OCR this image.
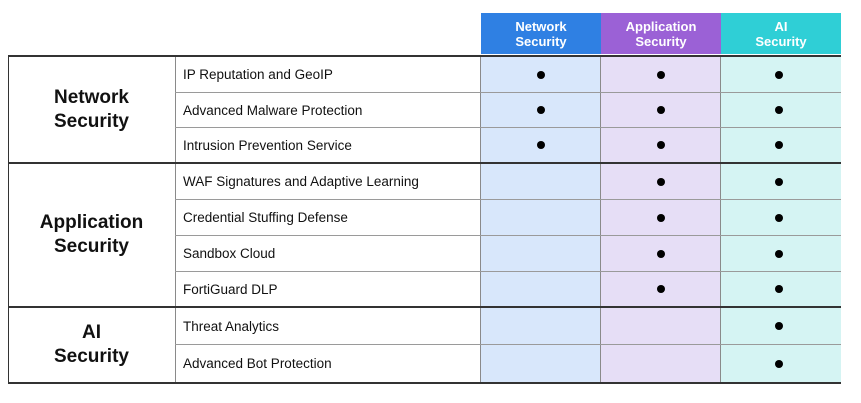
Network
Security
Application
Security
AI
Security
Network Security
Application Security
AI Security
IP Reputation and GeoIP
Advanced Malware Protection
Intrusion Prevention Service
WAF Signatures and Adaptive Learning
Credential Stuffing Defense
Sandbox Cloud
FortiGuard DLP
Threat Analytics
Advanced Bot Protection
